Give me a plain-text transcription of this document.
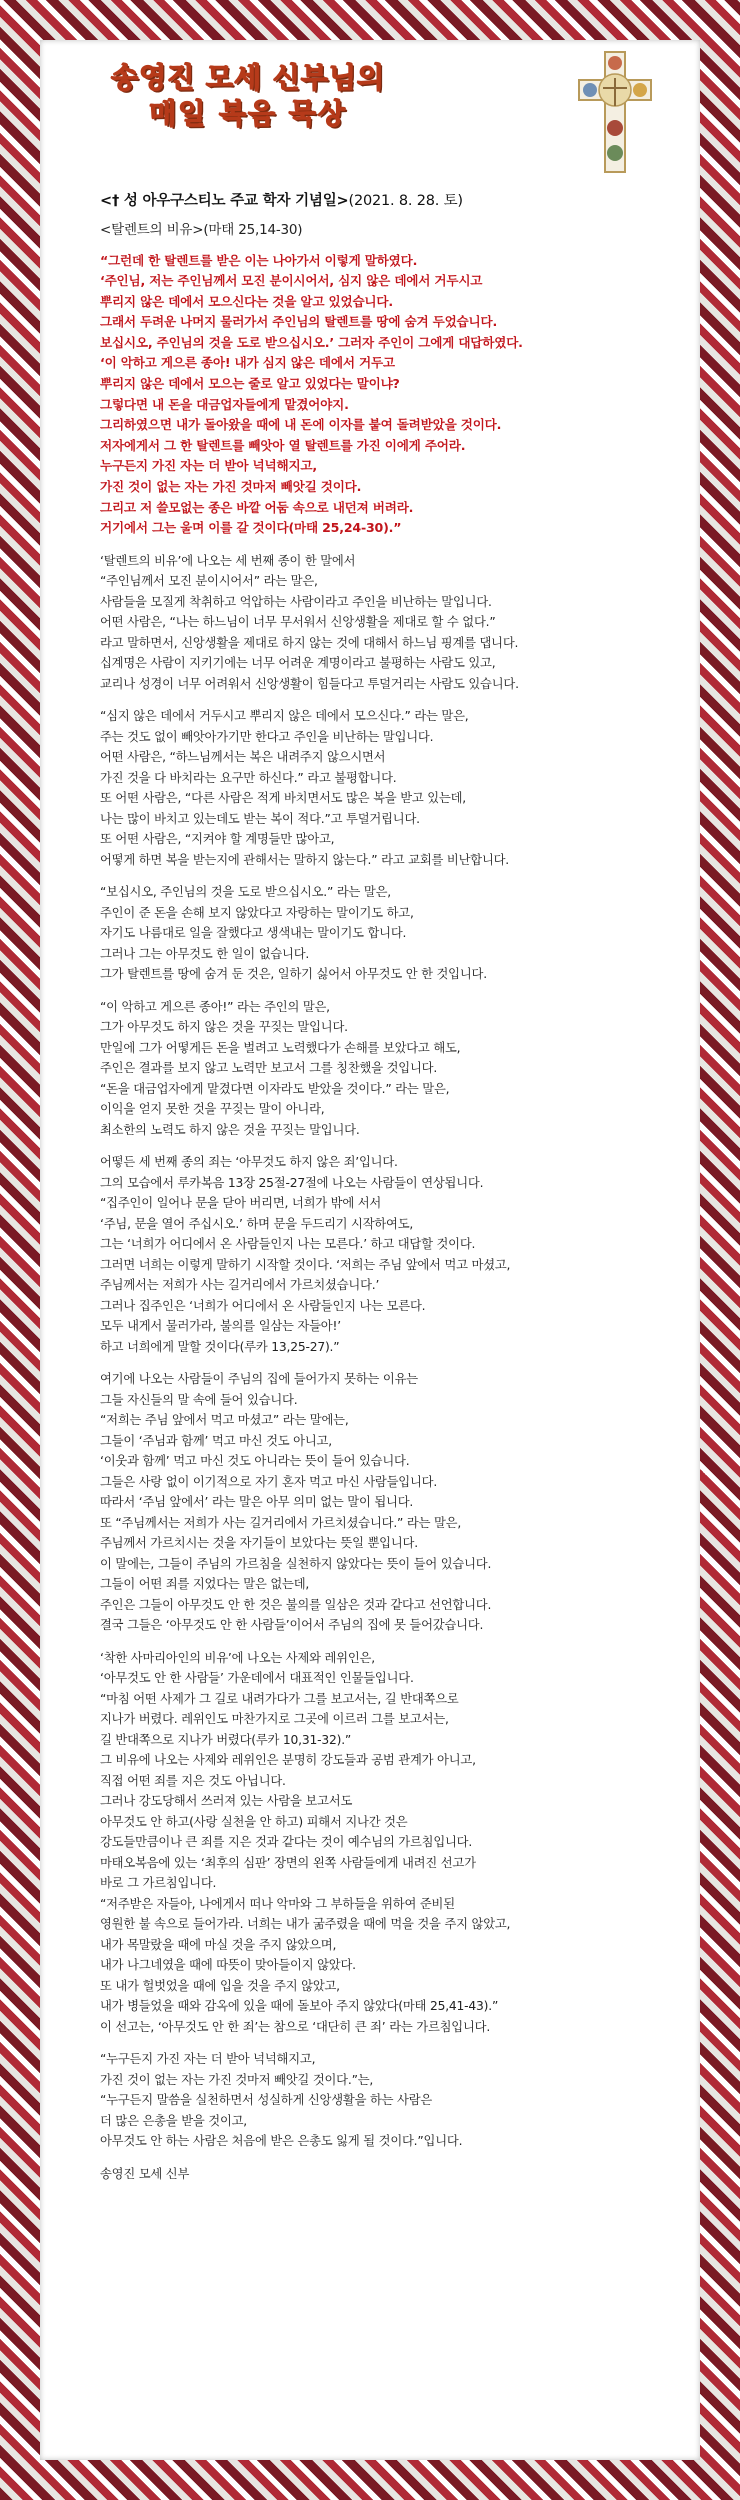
송영진 모세 신부님의
매일 복음 묵상
<† 성 아우구스티노 주교 학자 기념일>(2021. 8. 28. 토)
<탈렌트의 비유>(마태 25,14-30)
“그런데 한 탈렌트를 받은 이는 나아가서 이렇게 말하였다.
‘주인님, 저는 주인님께서 모진 분이시어서, 심지 않은 데에서 거두시고
뿌리지 않은 데에서 모으신다는 것을 알고 있었습니다.
그래서 두려운 나머지 물러가서 주인님의 탈렌트를 땅에 숨겨 두었습니다.
보십시오, 주인님의 것을 도로 받으십시오.’ 그러자 주인이 그에게 대답하였다.
‘이 악하고 게으른 종아! 내가 심지 않은 데에서 거두고
뿌리지 않은 데에서 모으는 줄로 알고 있었다는 말이냐?
그렇다면 내 돈을 대금업자들에게 맡겼어야지.
그리하였으면 내가 돌아왔을 때에 내 돈에 이자를 붙여 돌려받았을 것이다.
저자에게서 그 한 탈렌트를 빼앗아 열 탈렌트를 가진 이에게 주어라.
누구든지 가진 자는 더 받아 넉넉해지고,
가진 것이 없는 자는 가진 것마저 빼앗길 것이다.
그리고 저 쓸모없는 종은 바깥 어둠 속으로 내던져 버려라.
거기에서 그는 울며 이를 갈 것이다(마태 25,24-30).”
‘탈렌트의 비유’에 나오는 세 번째 종이 한 말에서
“주인님께서 모진 분이시어서” 라는 말은,
사람들을 모질게 착취하고 억압하는 사람이라고 주인을 비난하는 말입니다.
어떤 사람은, “나는 하느님이 너무 무서워서 신앙생활을 제대로 할 수 없다.”
라고 말하면서, 신앙생활을 제대로 하지 않는 것에 대해서 하느님 핑계를 댑니다.
십계명은 사람이 지키기에는 너무 어려운 계명이라고 불평하는 사람도 있고,
교리나 성경이 너무 어려워서 신앙생활이 힘들다고 투덜거리는 사람도 있습니다.
“심지 않은 데에서 거두시고 뿌리지 않은 데에서 모으신다.” 라는 말은,
주는 것도 없이 빼앗아가기만 한다고 주인을 비난하는 말입니다.
어떤 사람은, “하느님께서는 복은 내려주지 않으시면서
가진 것을 다 바치라는 요구만 하신다.” 라고 불평합니다.
또 어떤 사람은, “다른 사람은 적게 바치면서도 많은 복을 받고 있는데,
나는 많이 바치고 있는데도 받는 복이 적다.”고 투덜거립니다.
또 어떤 사람은, “지켜야 할 계명들만 많아고,
어떻게 하면 복을 받는지에 관해서는 말하지 않는다.” 라고 교회를 비난합니다.
“보십시오, 주인님의 것을 도로 받으십시오.” 라는 말은,
주인이 준 돈을 손해 보지 않았다고 자랑하는 말이기도 하고,
자기도 나름대로 일을 잘했다고 생색내는 말이기도 합니다.
그러나 그는 아무것도 한 일이 없습니다.
그가 탈렌트를 땅에 숨겨 둔 것은, 일하기 싫어서 아무것도 안 한 것입니다.
“이 악하고 게으른 종아!” 라는 주인의 말은,
그가 아무것도 하지 않은 것을 꾸짖는 말입니다.
만일에 그가 어떻게든 돈을 벌려고 노력했다가 손해를 보았다고 해도,
주인은 결과를 보지 않고 노력만 보고서 그를 칭찬했을 것입니다.
“돈을 대금업자에게 맡겼다면 이자라도 받았을 것이다.” 라는 말은,
이익을 얻지 못한 것을 꾸짖는 말이 아니라,
최소한의 노력도 하지 않은 것을 꾸짖는 말입니다.
어떻든 세 번째 종의 죄는 ‘아무것도 하지 않은 죄’입니다.
그의 모습에서 루카복음 13장 25절-27절에 나오는 사람들이 연상됩니다.
“집주인이 일어나 문을 닫아 버리면, 너희가 밖에 서서
‘주님, 문을 열어 주십시오.’ 하며 문을 두드리기 시작하여도,
그는 ‘너희가 어디에서 온 사람들인지 나는 모른다.’ 하고 대답할 것이다.
그러면 너희는 이렇게 말하기 시작할 것이다. ‘저희는 주님 앞에서 먹고 마셨고,
주님께서는 저희가 사는 길거리에서 가르치셨습니다.’
그러나 집주인은 ‘너희가 어디에서 온 사람들인지 나는 모른다.
모두 내게서 물러가라, 불의를 일삼는 자들아!’
하고 너희에게 말할 것이다(루카 13,25-27).”
여기에 나오는 사람들이 주님의 집에 들어가지 못하는 이유는
그들 자신들의 말 속에 들어 있습니다.
“저희는 주님 앞에서 먹고 마셨고” 라는 말에는,
그들이 ‘주님과 함께’ 먹고 마신 것도 아니고,
‘이웃과 함께’ 먹고 마신 것도 아니라는 뜻이 들어 있습니다.
그들은 사랑 없이 이기적으로 자기 혼자 먹고 마신 사람들입니다.
따라서 ‘주님 앞에서’ 라는 말은 아무 의미 없는 말이 됩니다.
또 “주님께서는 저희가 사는 길거리에서 가르치셨습니다.” 라는 말은,
주님께서 가르치시는 것을 자기들이 보았다는 뜻일 뿐입니다.
이 말에는, 그들이 주님의 가르침을 실천하지 않았다는 뜻이 들어 있습니다.
그들이 어떤 죄를 지었다는 말은 없는데,
주인은 그들이 아무것도 안 한 것은 불의를 일삼은 것과 같다고 선언합니다.
결국 그들은 ‘아무것도 안 한 사람들’이어서 주님의 집에 못 들어갔습니다.
‘착한 사마리아인의 비유’에 나오는 사제와 레위인은,
‘아무것도 안 한 사람들’ 가운데에서 대표적인 인물들입니다.
“마침 어떤 사제가 그 길로 내려가다가 그를 보고서는, 길 반대쪽으로
지나가 버렸다. 레위인도 마찬가지로 그곳에 이르러 그를 보고서는,
길 반대쪽으로 지나가 버렸다(루카 10,31-32).”
그 비유에 나오는 사제와 레위인은 분명히 강도들과 공범 관계가 아니고,
직접 어떤 죄를 지은 것도 아닙니다.
그러나 강도당해서 쓰러져 있는 사람을 보고서도
아무것도 안 하고(사랑 실천을 안 하고) 피해서 지나간 것은
강도들만큼이나 큰 죄를 지은 것과 같다는 것이 예수님의 가르침입니다.
마태오복음에 있는 ‘최후의 심판’ 장면의 왼쪽 사람들에게 내려진 선고가
바로 그 가르침입니다.
“저주받은 자들아, 나에게서 떠나 악마와 그 부하들을 위하여 준비된
영원한 불 속으로 들어가라. 너희는 내가 굶주렸을 때에 먹을 것을 주지 않았고,
내가 목말랐을 때에 마실 것을 주지 않았으며,
내가 나그네였을 때에 따뜻이 맞아들이지 않았다.
또 내가 헐벗었을 때에 입을 것을 주지 않았고,
내가 병들었을 때와 감옥에 있을 때에 돌보아 주지 않았다(마태 25,41-43).”
이 선고는, ‘아무것도 안 한 죄’는 참으로 ‘대단히 큰 죄’ 라는 가르침입니다.
“누구든지 가진 자는 더 받아 넉넉해지고,
가진 것이 없는 자는 가진 것마저 빼앗길 것이다.”는,
“누구든지 말씀을 실천하면서 성실하게 신앙생활을 하는 사람은
더 많은 은총을 받을 것이고,
아무것도 안 하는 사람은 처음에 받은 은총도 잃게 될 것이다.”입니다.
송영진 모세 신부
